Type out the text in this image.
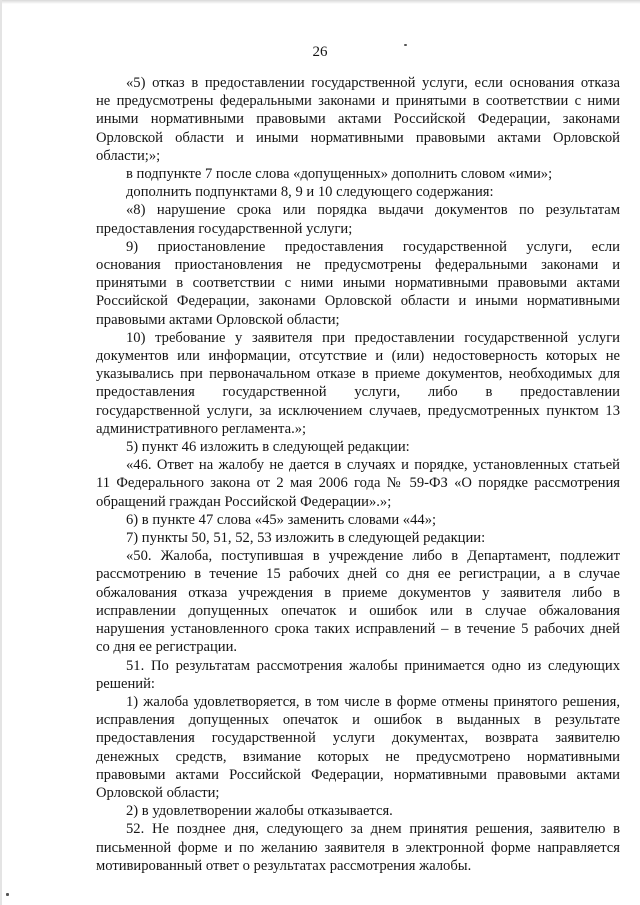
26

«5) отказ в предоставлении государственной услуги, если основания отказа

не предусмотрены федеральными законами и принятыми в соответствии с ними

иными нормативными правовыми актами Российской Федерации, законами

Орловской области и иными нормативными правовыми актами Орловской

области;»;

в подпункте 7 после слова «допущенных» дополнить словом «ими»;

дополнить подпунктами 8, 9 и 10 следующего содержания:

«8) нарушение срока или порядка выдачи документов по результатам

предоставления государственной услуги;

9) приостановление предоставления государственной услуги, если

основания приостановления не предусмотрены федеральными законами и

принятыми в соответствии с ними иными нормативными правовыми актами

Российской Федерации, законами Орловской области и иными нормативными

правовыми актами Орловской области;

10) требование у заявителя при предоставлении государственной услуги

документов или информации, отсутствие и (или) недостоверность которых не

указывались при первоначальном отказе в приеме документов, необходимых для

предоставления государственной услуги, либо в предоставлении

государственной услуги, за исключением случаев, предусмотренных пунктом 13

административного регламента.»;

5) пункт 46 изложить в следующей редакции:

«46. Ответ на жалобу не дается в случаях и порядке, установленных статьей

11 Федерального закона от 2 мая 2006 года № 59-ФЗ «О порядке рассмотрения

обращений граждан Российской Федерации».»;

6) в пункте 47 слова «45» заменить словами «44»;

7) пункты 50, 51, 52, 53 изложить в следующей редакции:

«50. Жалоба, поступившая в учреждение либо в Департамент, подлежит

рассмотрению в течение 15 рабочих дней со дня ее регистрации, а в случае

обжалования отказа учреждения в приеме документов у заявителя либо в

исправлении допущенных опечаток и ошибок или в случае обжалования

нарушения установленного срока таких исправлений – в течение 5 рабочих дней

со дня ее регистрации.

51. По результатам рассмотрения жалобы принимается одно из следующих

решений:

1) жалоба удовлетворяется, в том числе в форме отмены принятого решения,

исправления допущенных опечаток и ошибок в выданных в результате

предоставления государственной услуги документах, возврата заявителю

денежных средств, взимание которых не предусмотрено нормативными

правовыми актами Российской Федерации, нормативными правовыми актами

Орловской области;

2) в удовлетворении жалобы отказывается.

52. Не позднее дня, следующего за днем принятия решения, заявителю в

письменной форме и по желанию заявителя в электронной форме направляется

мотивированный ответ о результатах рассмотрения жалобы.
